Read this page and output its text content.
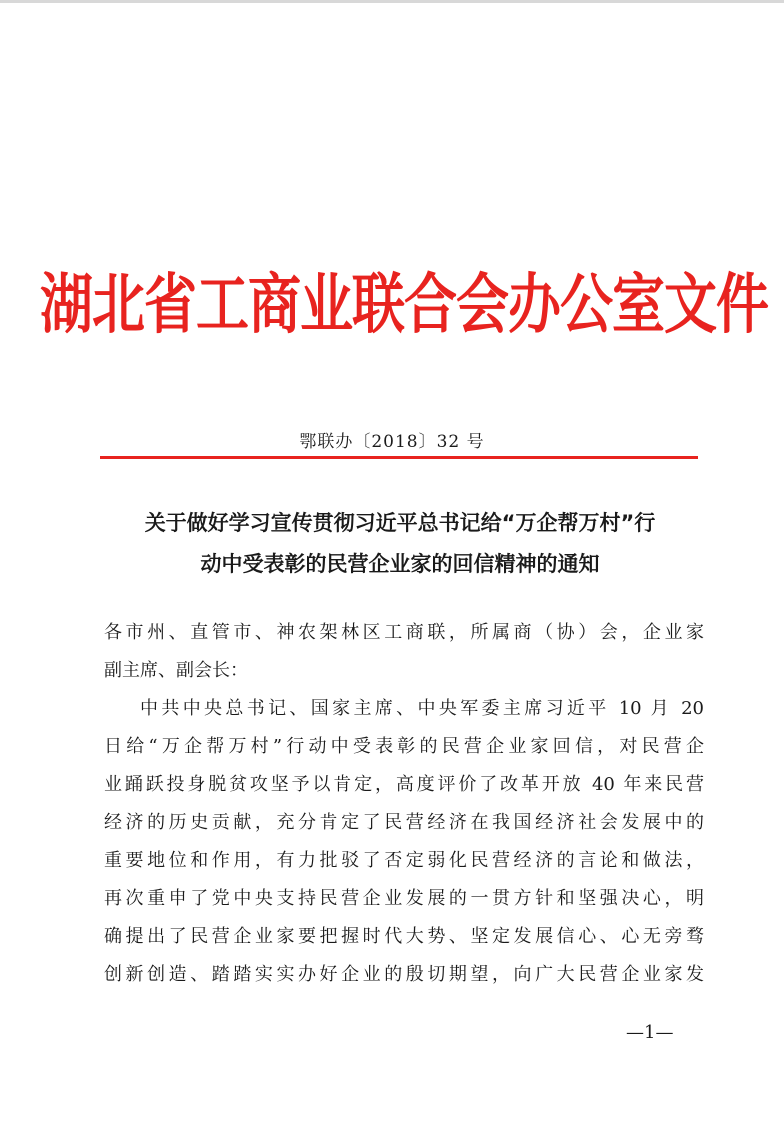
湖北省工商业联合会办公室文件
鄂联办〔2018〕32 号
关于做好学习宣传贯彻习近平总书记给“万企帮万村”行
动中受表彰的民营企业家的回信精神的通知
各市州、直管市、神农架林区工商联，所属商（协）会，企业家
副主席、副会长：
中共中央总书记、国家主席、中央军委主席习近平 10 月 20
日给“万企帮万村”行动中受表彰的民营企业家回信，对民营企
业踊跃投身脱贫攻坚予以肯定，高度评价了改革开放 40 年来民营
经济的历史贡献，充分肯定了民营经济在我国经济社会发展中的
重要地位和作用，有力批驳了否定弱化民营经济的言论和做法，
再次重申了党中央支持民营企业发展的一贯方针和坚强决心，明
确提出了民营企业家要把握时代大势、坚定发展信心、心无旁骛
创新创造、踏踏实实办好企业的殷切期望，向广大民营企业家发
—1—
